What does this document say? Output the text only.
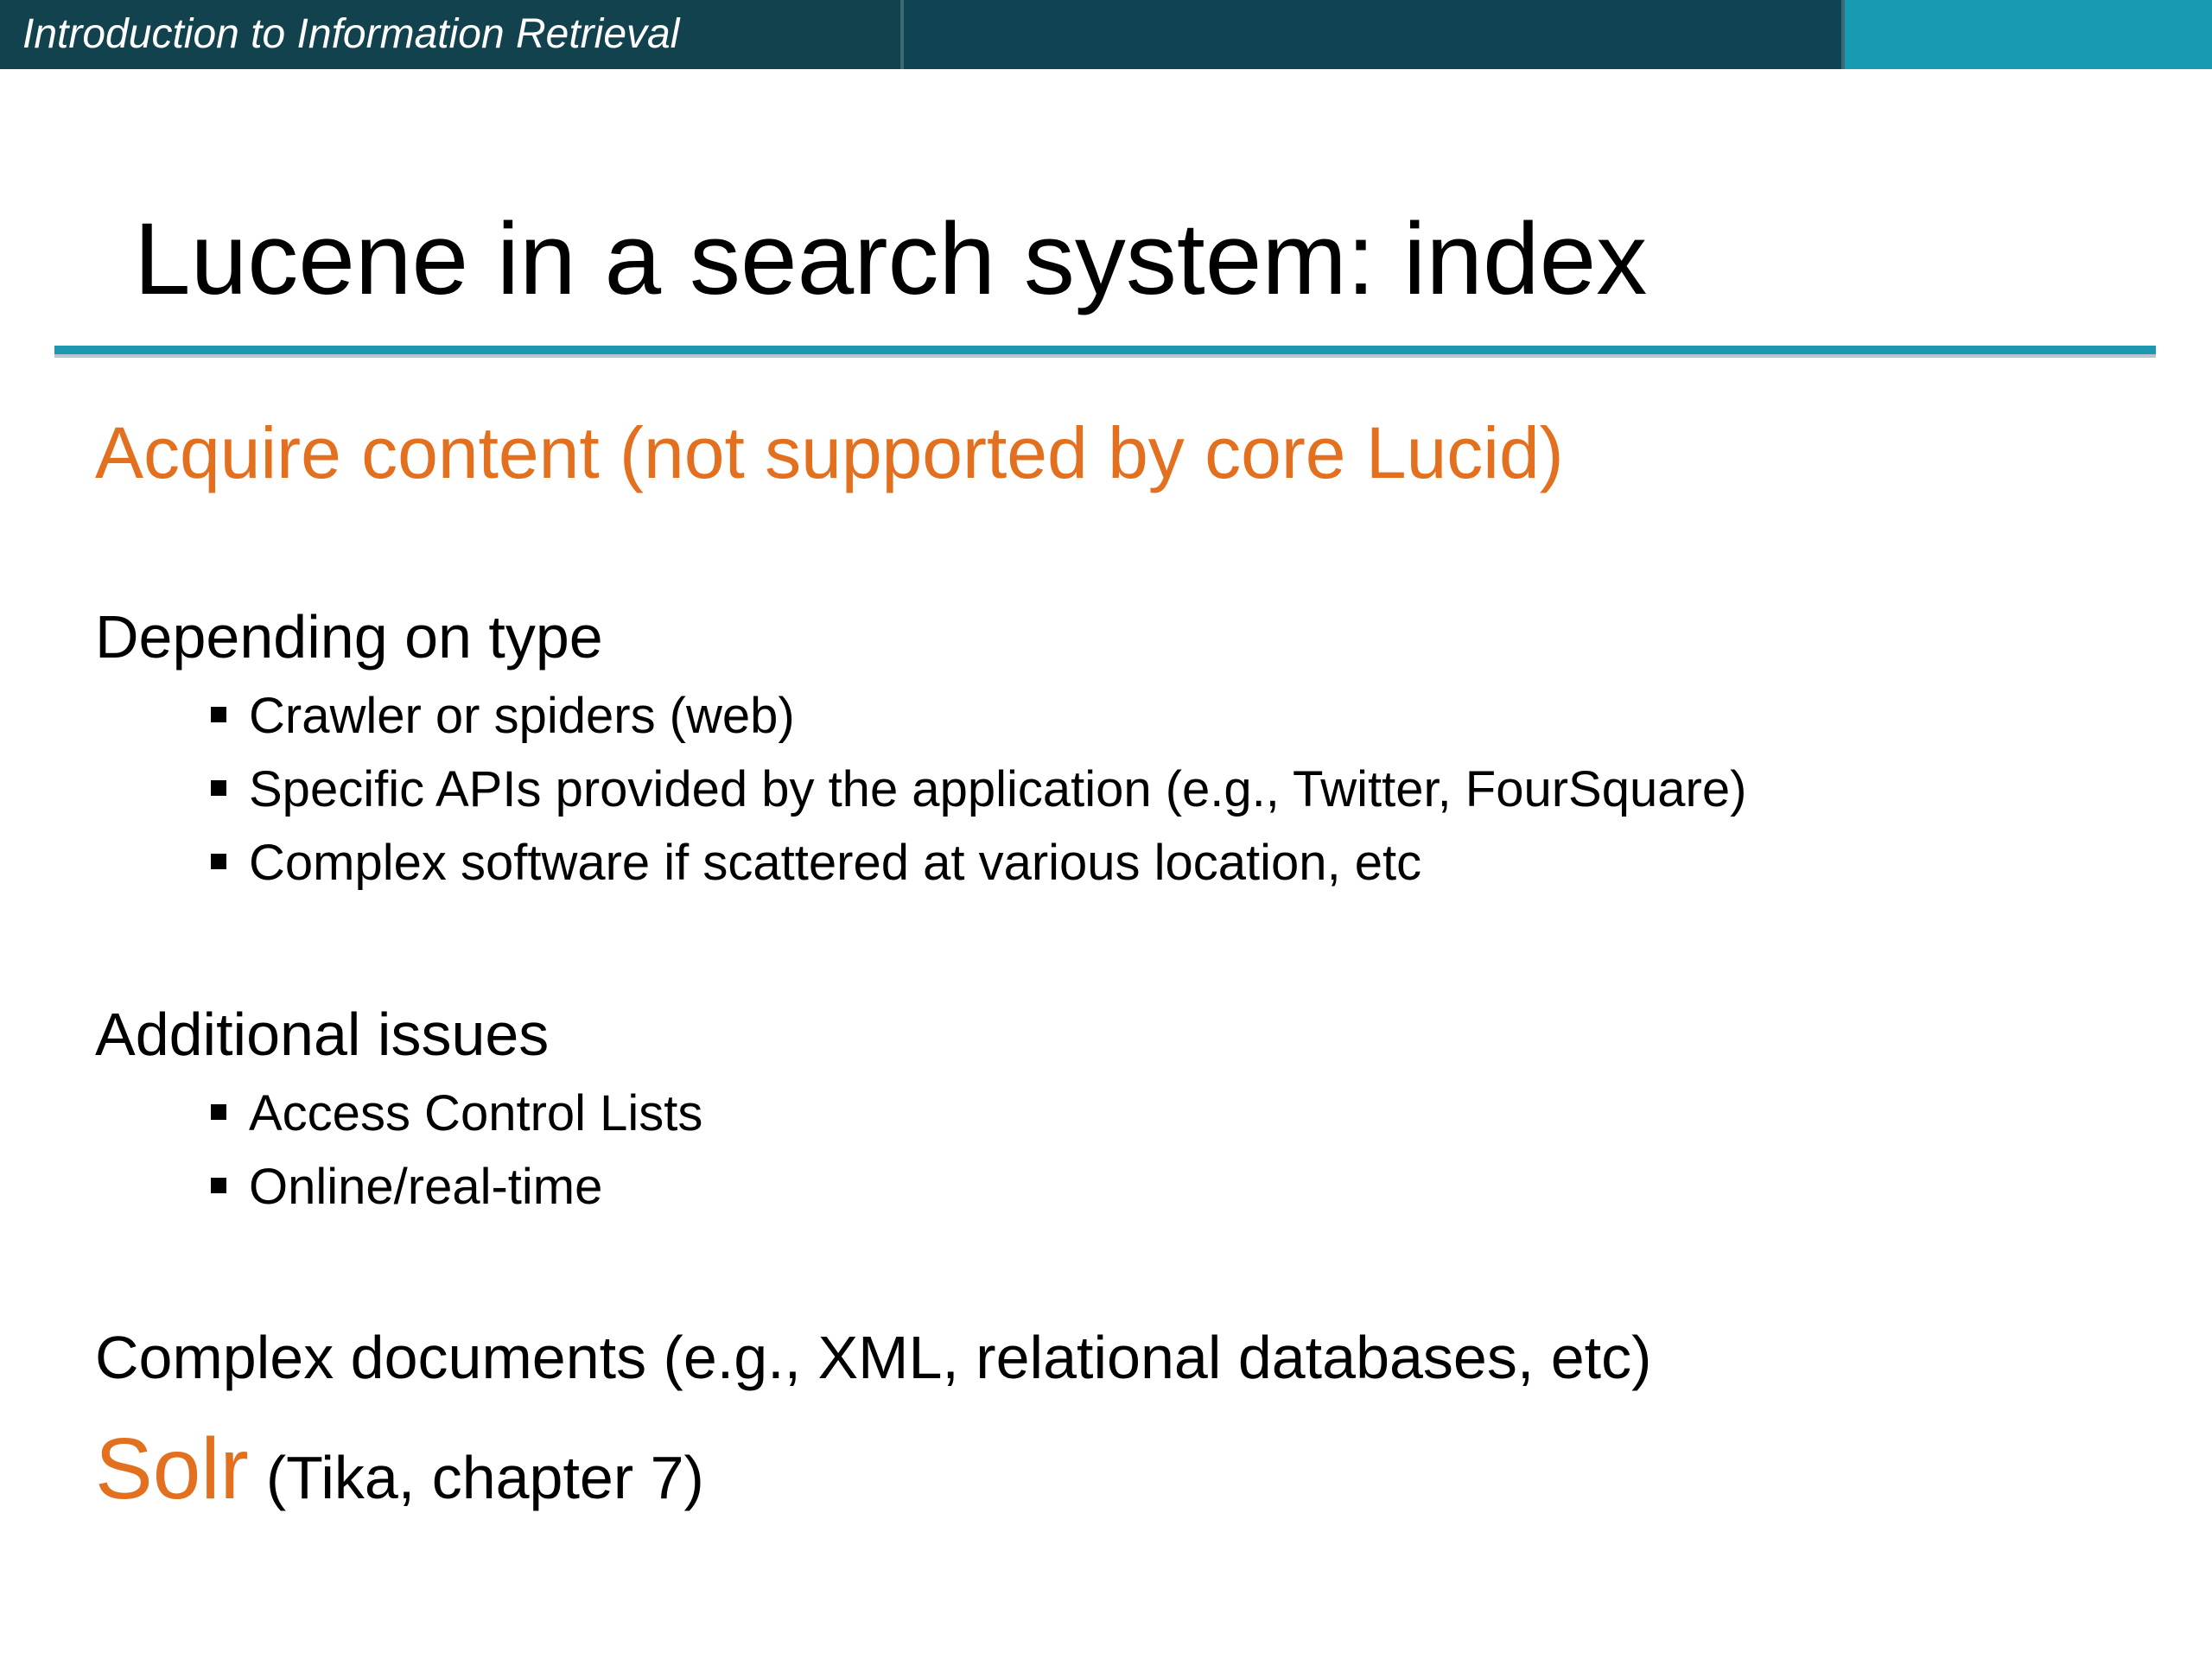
Introduction to Information Retrieval
Lucene in a search system: index
Acquire content (not supported by core Lucid)
Depending on type
Crawler or spiders (web)
Specific APIs provided by the application (e.g., Twitter, FourSquare)
Complex software if scattered at various location, etc
Additional issues
Access Control Lists
Online/real-time
Complex documents (e.g., XML, relational databases, etc)
Solr (Tika, chapter 7)
